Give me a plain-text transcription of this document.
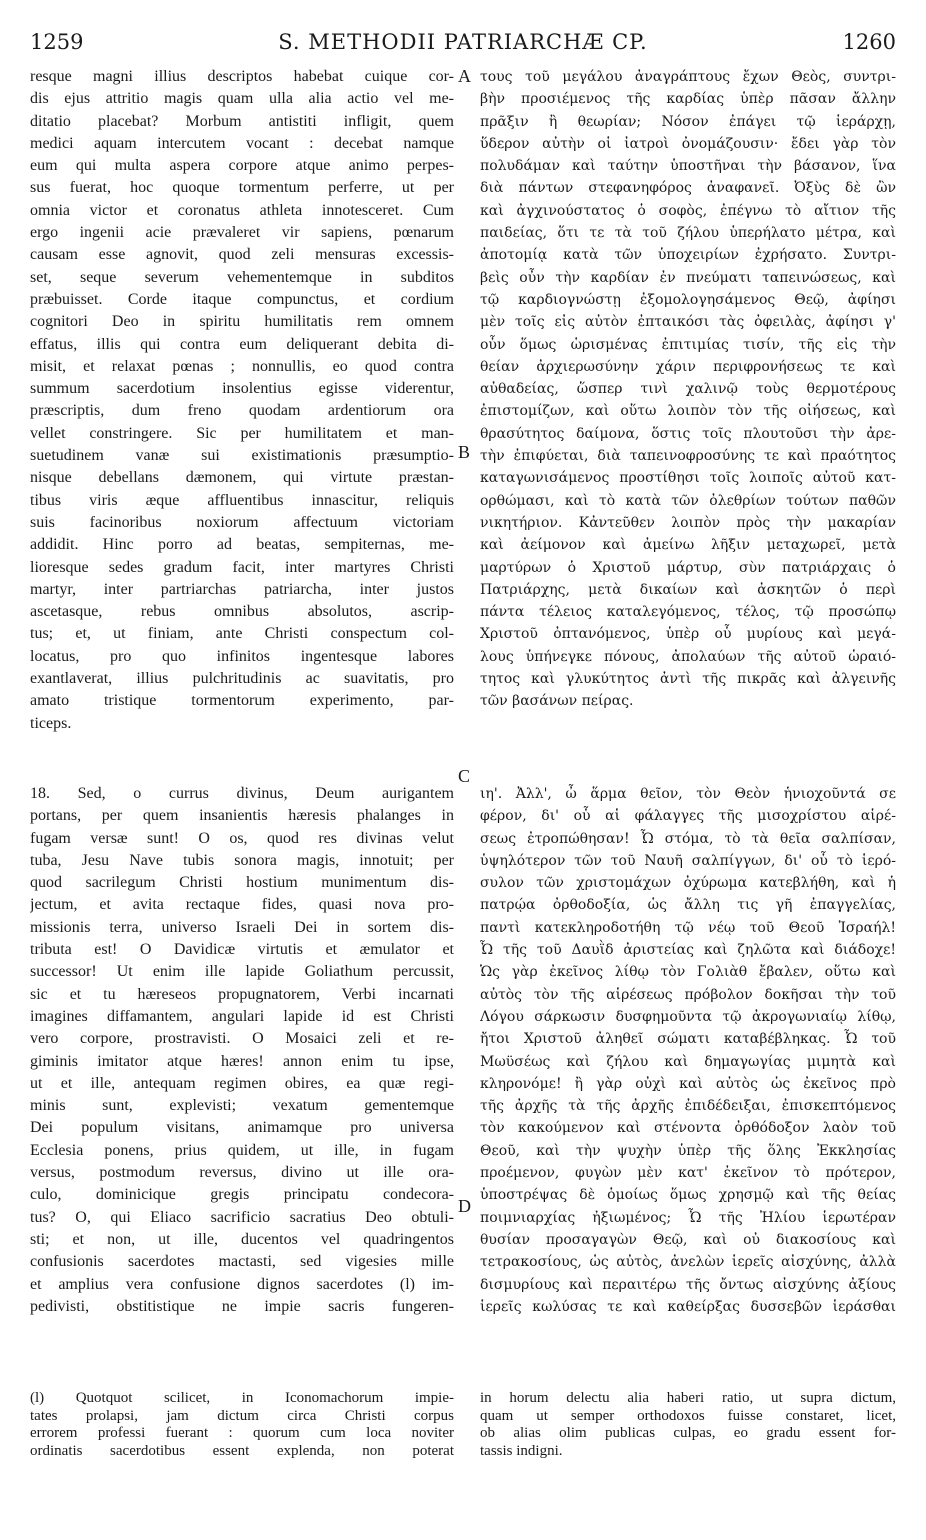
1259	S. METHODII PATRIARCHÆ CP.	1260
A
B
C
D
resque magni illius descriptos habebat cuique cor-
dis ejus attritio magis quam ulla alia actio vel me-
ditatio placebat? Morbum antistiti infligit, quem
medici aquam intercutem vocant : decebat namque
eum qui multa aspera corpore atque animo perpes-
sus fuerat, hoc quoque tormentum perferre, ut per
omnia victor et coronatus athleta innotesceret. Cum
ergo ingenii acie prævaleret vir sapiens, pœnarum
causam esse agnovit, quod zeli mensuras excessis-
set, seque severum vehementemque in subditos
præbuisset. Corde itaque compunctus, et cordium
cognitori Deo in spiritu humilitatis rem omnem
effatus, illis qui contra eum deliquerant debita di-
misit, et relaxat pœnas ; nonnullis, eo quod contra
summum sacerdotium insolentius egisse viderentur,
præscriptis, dum freno quodam ardentiorum ora
vellet constringere. Sic per humilitatem et man-
suetudinem vanæ sui existimationis præsumptio-
nisque debellans dæmonem, qui virtute præstan-
tibus viris æque affluentibus innascitur, reliquis
suis facinoribus noxiorum affectuum victoriam
addidit. Hinc porro ad beatas, sempiternas, me-
lioresque sedes gradum facit, inter martyres Christi
martyr, inter partriarchas patriarcha, inter justos
ascetasque, rebus omnibus absolutos, ascrip-
tus; et, ut finiam, ante Christi conspectum col-
locatus, pro quo infinitos ingentesque labores
exantlaverat, illius pulchritudinis ac suavitatis, pro
amato tristique tormentorum experimento, par-
ticeps.
τους τοῦ μεγάλου ἀναγράπτους ἔχων Θεὸς, συντρι-
βὴν προσιέμενος τῆς καρδίας ὑπὲρ πᾶσαν ἄλλην
πρᾶξιν ἢ θεωρίαν; Νόσον ἐπάγει τῷ ἱεράρχῃ,
ὕδερον αὐτὴν οἱ ἰατροὶ ὀνομάζουσιν· ἔδει γὰρ τὸν
πολυδάμαν καὶ ταύτην ὑποστῆναι τὴν βάσανον, ἵνα
διὰ πάντων στεφανηφόρος ἀναφανεῖ. Ὀξὺς δὲ ὢν
καὶ ἀγχινούστατος ὁ σοφὸς, ἐπέγνω τὸ αἴτιον τῆς
παιδείας, ὅτι τε τὰ τοῦ ζήλου ὑπερήλατο μέτρα, καὶ
ἀποτομίᾳ κατὰ τῶν ὑποχειρίων ἐχρήσατο. Συντρι-
βεὶς οὖν τὴν καρδίαν ἐν πνεύματι ταπεινώσεως, καὶ
τῷ καρδιογνώστῃ ἐξομολογησάμενος Θεῷ, ἀφίησι
μὲν τοῖς εἰς αὐτὸν ἐπταικόσι τὰς ὀφειλὰς, ἀφίησι γ'
οὖν ὅμως ὡρισμένας ἐπιτιμίας τισίν, τῆς εἰς τὴν
θείαν ἀρχιερωσύνην χάριν περιφρονήσεως τε καὶ
αὐθαδείας, ὥσπερ τινὶ χαλινῷ τοὺς θερμοτέρους
ἐπιστομίζων, καὶ οὕτω λοιπὸν τὸν τῆς οἰήσεως, καὶ
θρασύτητος δαίμονα, ὅστις τοῖς πλουτοῦσι τὴν ἀρε-
τὴν ἐπιφύεται, διὰ ταπεινοφροσύνης τε καὶ πραότητος
καταγωνισάμενος προστίθησι τοῖς λοιποῖς αὐτοῦ κατ-
ορθώμασι, καὶ τὸ κατὰ τῶν ὀλεθρίων τούτων παθῶν
νικητήριον. Κἀντεῦθεν λοιπὸν πρὸς τὴν μακαρίαν
καὶ ἀείμονον καὶ ἀμείνω λῆξιν μεταχωρεῖ, μετὰ
μαρτύρων ὁ Χριστοῦ μάρτυρ, σὺν πατριάρχαις ὁ
Πατριάρχης, μετὰ δικαίων καὶ ἀσκητῶν ὁ περὶ
πάντα τέλειος καταλεγόμενος, τέλος, τῷ προσώπῳ
Χριστοῦ ὀπτανόμενος, ὑπὲρ οὗ μυρίους καὶ μεγά-
λους ὑπήνεγκε πόνους, ἀπολαύων τῆς αὐτοῦ ὡραιό-
τητος καὶ γλυκύτητος ἀντὶ τῆς πικρᾶς καὶ ἀλγεινῆς
τῶν βασάνων πείρας.
18. Sed, o currus divinus, Deum aurigantem
portans, per quem insanientis hæresis phalanges in
fugam versæ sunt! O os, quod res divinas velut
tuba, Jesu Nave tubis sonora magis, innotuit; per
quod sacrilegum Christi hostium munimentum dis-
jectum, et avita rectaque fides, quasi nova pro-
missionis terra, universo Israeli Dei in sortem dis-
tributa est! O Davidicæ virtutis et æmulator et
successor! Ut enim ille lapide Goliathum percussit,
sic et tu hæreseos propugnatorem, Verbi incarnati
imagines diffamantem, angulari lapide id est Christi
vero corpore, prostravisti. O Mosaici zeli et re-
giminis imitator atque hæres! annon enim tu ipse,
ut et ille, antequam regimen obires, ea quæ regi-
minis sunt, explevisti; vexatum gementemque
Dei populum visitans, animamque pro universa
Ecclesia ponens, prius quidem, ut ille, in fugam
versus, postmodum reversus, divino ut ille ora-
culo, dominicique gregis principatu condecora-
tus? O, qui Eliaco sacrificio sacratius Deo obtuli-
sti; et non, ut ille, ducentos vel quadringentos
confusionis sacerdotes mactasti, sed vigesies mille
et amplius vera confusione dignos sacerdotes (l) im-
pedivisti, obstitistique ne impie sacris fungeren-
ιη'. Ἀλλ', ὦ ἅρμα θεῖον, τὸν Θεὸν ἡνιοχοῦντά σε
φέρον, δι' οὗ αἱ φάλαγγες τῆς μισοχρίστου αἱρέ-
σεως ἐτροπώθησαν! Ὦ στόμα, τὸ τὰ θεῖα σαλπίσαν,
ὑψηλότερον τῶν τοῦ Ναυῆ σαλπίγγων, δι' οὗ τὸ ἱερό-
συλον τῶν χριστομάχων ὀχύρωμα κατεβλήθη, καὶ ἡ
πατρῴα ὀρθοδοξία, ὡς ἄλλη τις γῆ ἐπαγγελίας,
παντὶ κατεκληροδοτήθη τῷ νέῳ τοῦ Θεοῦ Ἰσραήλ!
Ὦ τῆς τοῦ Δαυῒδ ἀριστείας καὶ ζηλῶτα καὶ διάδοχε!
Ὡς γὰρ ἐκεῖνος λίθῳ τὸν Γολιὰθ ἔβαλεν, οὕτω καὶ
αὐτὸς τὸν τῆς αἱρέσεως πρόβολον δοκῆσαι τὴν τοῦ
Λόγου σάρκωσιν δυσφημοῦντα τῷ ἀκρογωνιαίῳ λίθῳ,
ἤτοι Χριστοῦ ἀληθεῖ σώματι καταβέβληκας. Ὦ τοῦ
Μωϋσέως καὶ ζήλου καὶ δημαγωγίας μιμητὰ καὶ
κληρονόμε! ἢ γὰρ οὐχὶ καὶ αὐτὸς ὡς ἐκεῖνος πρὸ
τῆς ἀρχῆς τὰ τῆς ἀρχῆς ἐπιδέδειξαι, ἐπισκεπτόμενος
τὸν κακούμενον καὶ στένοντα ὀρθόδοξον λαὸν τοῦ
Θεοῦ, καὶ τὴν ψυχὴν ὑπὲρ τῆς ὅλης Ἐκκλησίας
προέμενον, φυγὼν μὲν κατ' ἐκεῖνον τὸ πρότερον,
ὑποστρέψας δὲ ὁμοίως ὅμως χρησμῷ καὶ τῆς θείας
ποιμνιαρχίας ἠξιωμένος; Ὦ τῆς Ἠλίου ἱερωτέραν
θυσίαν προσαγαγὼν Θεῷ, καὶ οὐ διακοσίους καὶ
τετρακοσίους, ὡς αὐτὸς, ἀνελὼν ἱερεῖς αἰσχύνης, ἀλλὰ
δισμυρίους καὶ περαιτέρω τῆς ὄντως αἰσχύνης ἀξίους
ἱερεῖς κωλύσας τε καὶ καθείρξας δυσσεβῶν ἱεράσθαι
(l) Quotquot scilicet, in Iconomachorum impie-
tates prolapsi, jam dictum circa Christi corpus
errorem professi fuerant : quorum cum loca noviter
ordinatis sacerdotibus essent explenda, non poterat
in horum delectu alia haberi ratio, ut supra dictum,
quam ut semper orthodoxos fuisse constaret, licet,
ob alias olim publicas culpas, eo gradu essent for-
tassis indigni.
